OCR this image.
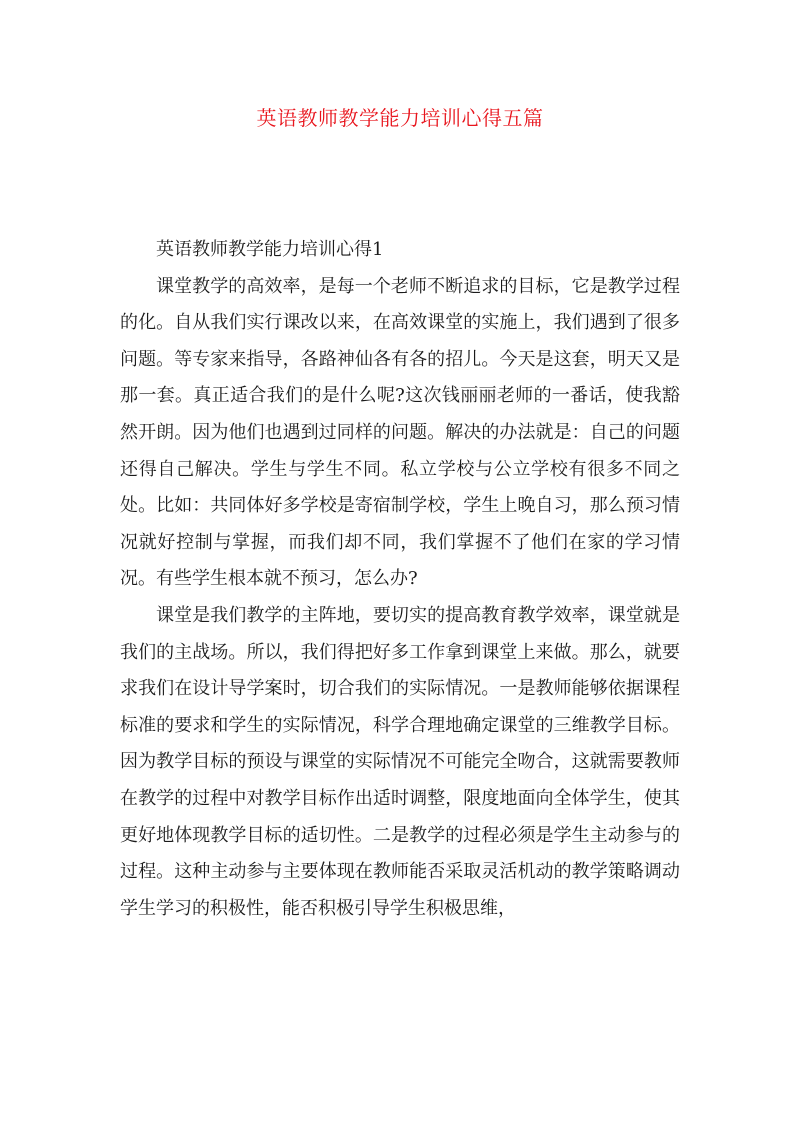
英语教师教学能力培训心得五篇

英语教师教学能力培训心得1

课堂教学的高效率，是每一个老师不断追求的目标，它是教学过程的化。自从我们实行课改以来，在高效课堂的实施上，我们遇到了很多问题。等专家来指导，各路神仙各有各的招儿。今天是这套，明天又是那一套。真正适合我们的是什么呢?这次钱丽丽老师的一番话，使我豁然开朗。因为他们也遇到过同样的问题。解决的办法就是：自己的问题还得自己解决。学生与学生不同。私立学校与公立学校有很多不同之处。比如：共同体好多学校是寄宿制学校，学生上晚自习，那么预习情况就好控制与掌握，而我们却不同，我们掌握不了他们在家的学习情况。有些学生根本就不预习，怎么办?

课堂是我们教学的主阵地，要切实的提高教育教学效率，课堂就是我们的主战场。所以，我们得把好多工作拿到课堂上来做。那么，就要求我们在设计导学案时，切合我们的实际情况。一是教师能够依据课程标准的要求和学生的实际情况，科学合理地确定课堂的三维教学目标。因为教学目标的预设与课堂的实际情况不可能完全吻合，这就需要教师在教学的过程中对教学目标作出适时调整，限度地面向全体学生，使其更好地体现教学目标的适切性。二是教学的过程必须是学生主动参与的过程。这种主动参与主要体现在教师能否采取灵活机动的教学策略调动学生学习的积极性，能否积极引导学生积极思维，
